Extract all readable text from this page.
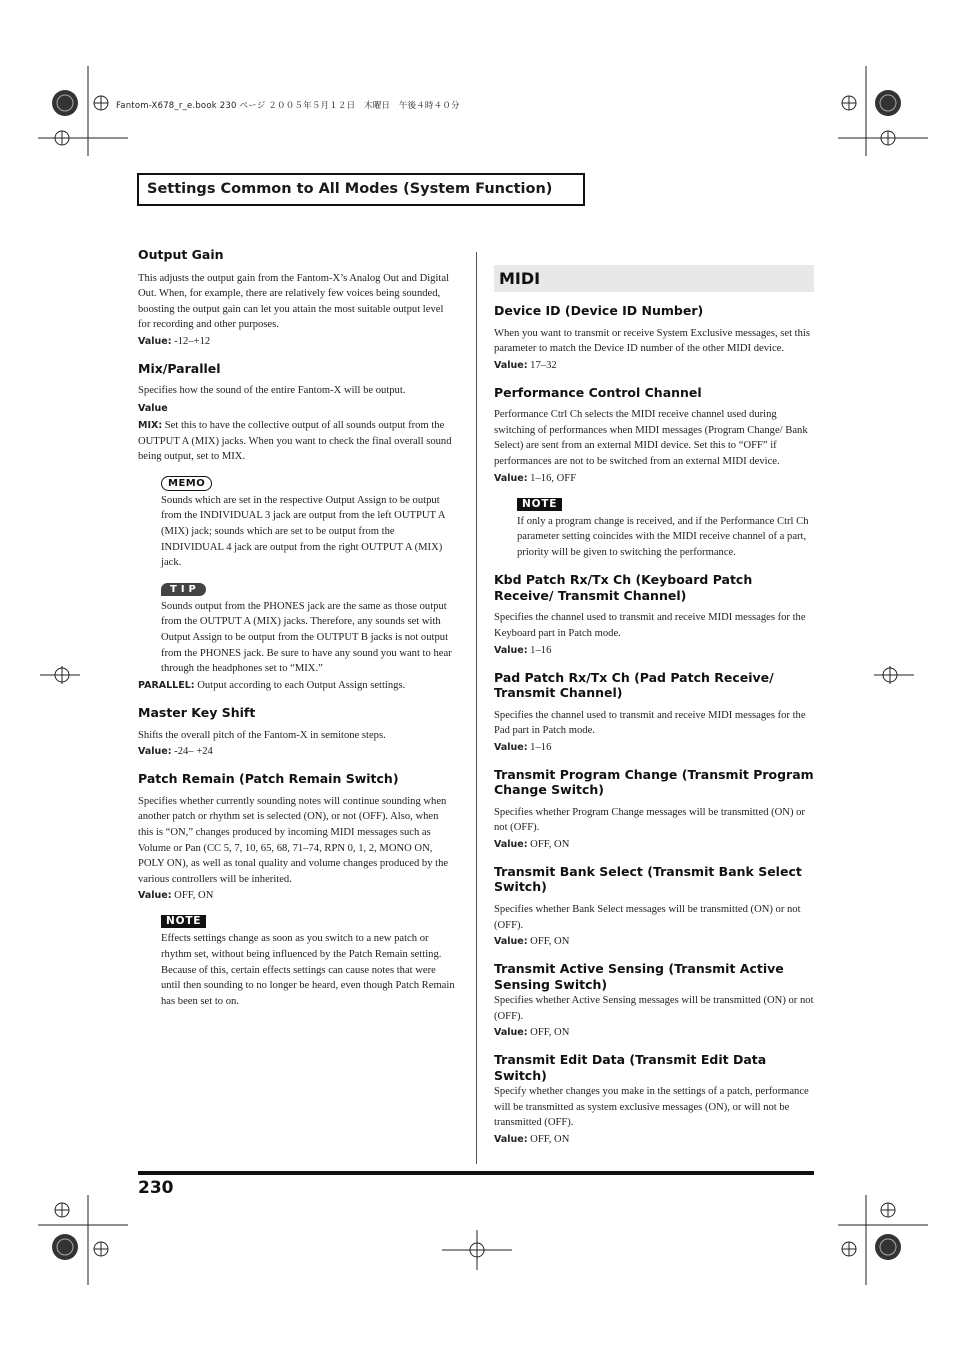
Fantom-X678_r_e.book 230 ページ ２００５年５月１２日　木曜日　午後４時４０分
Settings Common to All Modes (System Function)
Output Gain

This adjusts the output gain from the Fantom-X’s Analog Out and Digital Out. When, for example, there are relatively few voices being sounded, boosting the output gain can let you attain the most suitable output level for recording and other purposes.

Value: -12–+12

Mix/Parallel

Specifies how the sound of the entire Fantom-X will be output.

Value

MIX: Set this to have the collective output of all sounds output from the OUTPUT A (MIX) jacks. When you want to check the final overall sound being output, set to MIX.

MEMO

Sounds which are set in the respective Output Assign to be output from the INDIVIDUAL 3 jack are output from the left OUTPUT A (MIX) jack; sounds which are set to be output from the INDIVIDUAL 4 jack are output from the right OUTPUT A (MIX) jack.

TIP

Sounds output from the PHONES jack are the same as those output from the OUTPUT A (MIX) jacks. Therefore, any sounds set with Output Assign to be output from the OUTPUT B jacks is not output from the PHONES jack. Be sure to have any sound you want to hear through the headphones set to “MIX.”

PARALLEL: Output according to each Output Assign settings.

Master Key Shift

Shifts the overall pitch of the Fantom-X in semitone steps.

Value: -24– +24

Patch Remain (Patch Remain Switch)

Specifies whether currently sounding notes will continue sounding when another patch or rhythm set is selected (ON), or not (OFF). Also, when this is “ON,” changes produced by incoming MIDI messages such as Volume or Pan (CC 5, 7, 10, 65, 68, 71–74, RPN 0, 1, 2, MONO ON, POLY ON), as well as tonal quality and volume changes produced by the various controllers will be inherited.

Value: OFF, ON

NOTE

Effects settings change as soon as you switch to a new patch or rhythm set, without being influenced by the Patch Remain setting. Because of this, certain effects settings can cause notes that were until then sounding to no longer be heard, even though Patch Remain has been set to on.

MIDI
Device ID (Device ID Number)

When you want to transmit or receive System Exclusive messages, set this parameter to match the Device ID number of the other MIDI device.

Value: 17–32

Performance Control Channel

Performance Ctrl Ch selects the MIDI receive channel used during switching of performances when MIDI messages (Program Change/ Bank Select) are sent from an external MIDI device. Set this to “OFF” if performances are not to be switched from an external MIDI device.

Value: 1–16, OFF

NOTE

If only a program change is received, and if the Performance Ctrl Ch parameter setting coincides with the MIDI receive channel of a part, priority will be given to switching the performance.

Kbd Patch Rx/Tx Ch (Keyboard Patch Receive/ Transmit Channel)

Specifies the channel used to transmit and receive MIDI messages for the Keyboard part in Patch mode.

Value: 1–16

Pad Patch Rx/Tx Ch (Pad Patch Receive/ Transmit Channel)

Specifies the channel used to transmit and receive MIDI messages for the Pad part in Patch mode.

Value: 1–16

Transmit Program Change (Transmit Program Change Switch)

Specifies whether Program Change messages will be transmitted (ON) or not (OFF).

Value: OFF, ON

Transmit Bank Select (Transmit Bank Select Switch)

Specifies whether Bank Select messages will be transmitted (ON) or not (OFF).

Value: OFF, ON

Transmit Active Sensing (Transmit Active Sensing Switch)

Specifies whether Active Sensing messages will be transmitted (ON) or not (OFF).

Value: OFF, ON

Transmit Edit Data (Transmit Edit Data Switch)

Specify whether changes you make in the settings of a patch, performance will be transmitted as system exclusive messages (ON), or will not be transmitted (OFF).

Value: OFF, ON

230
